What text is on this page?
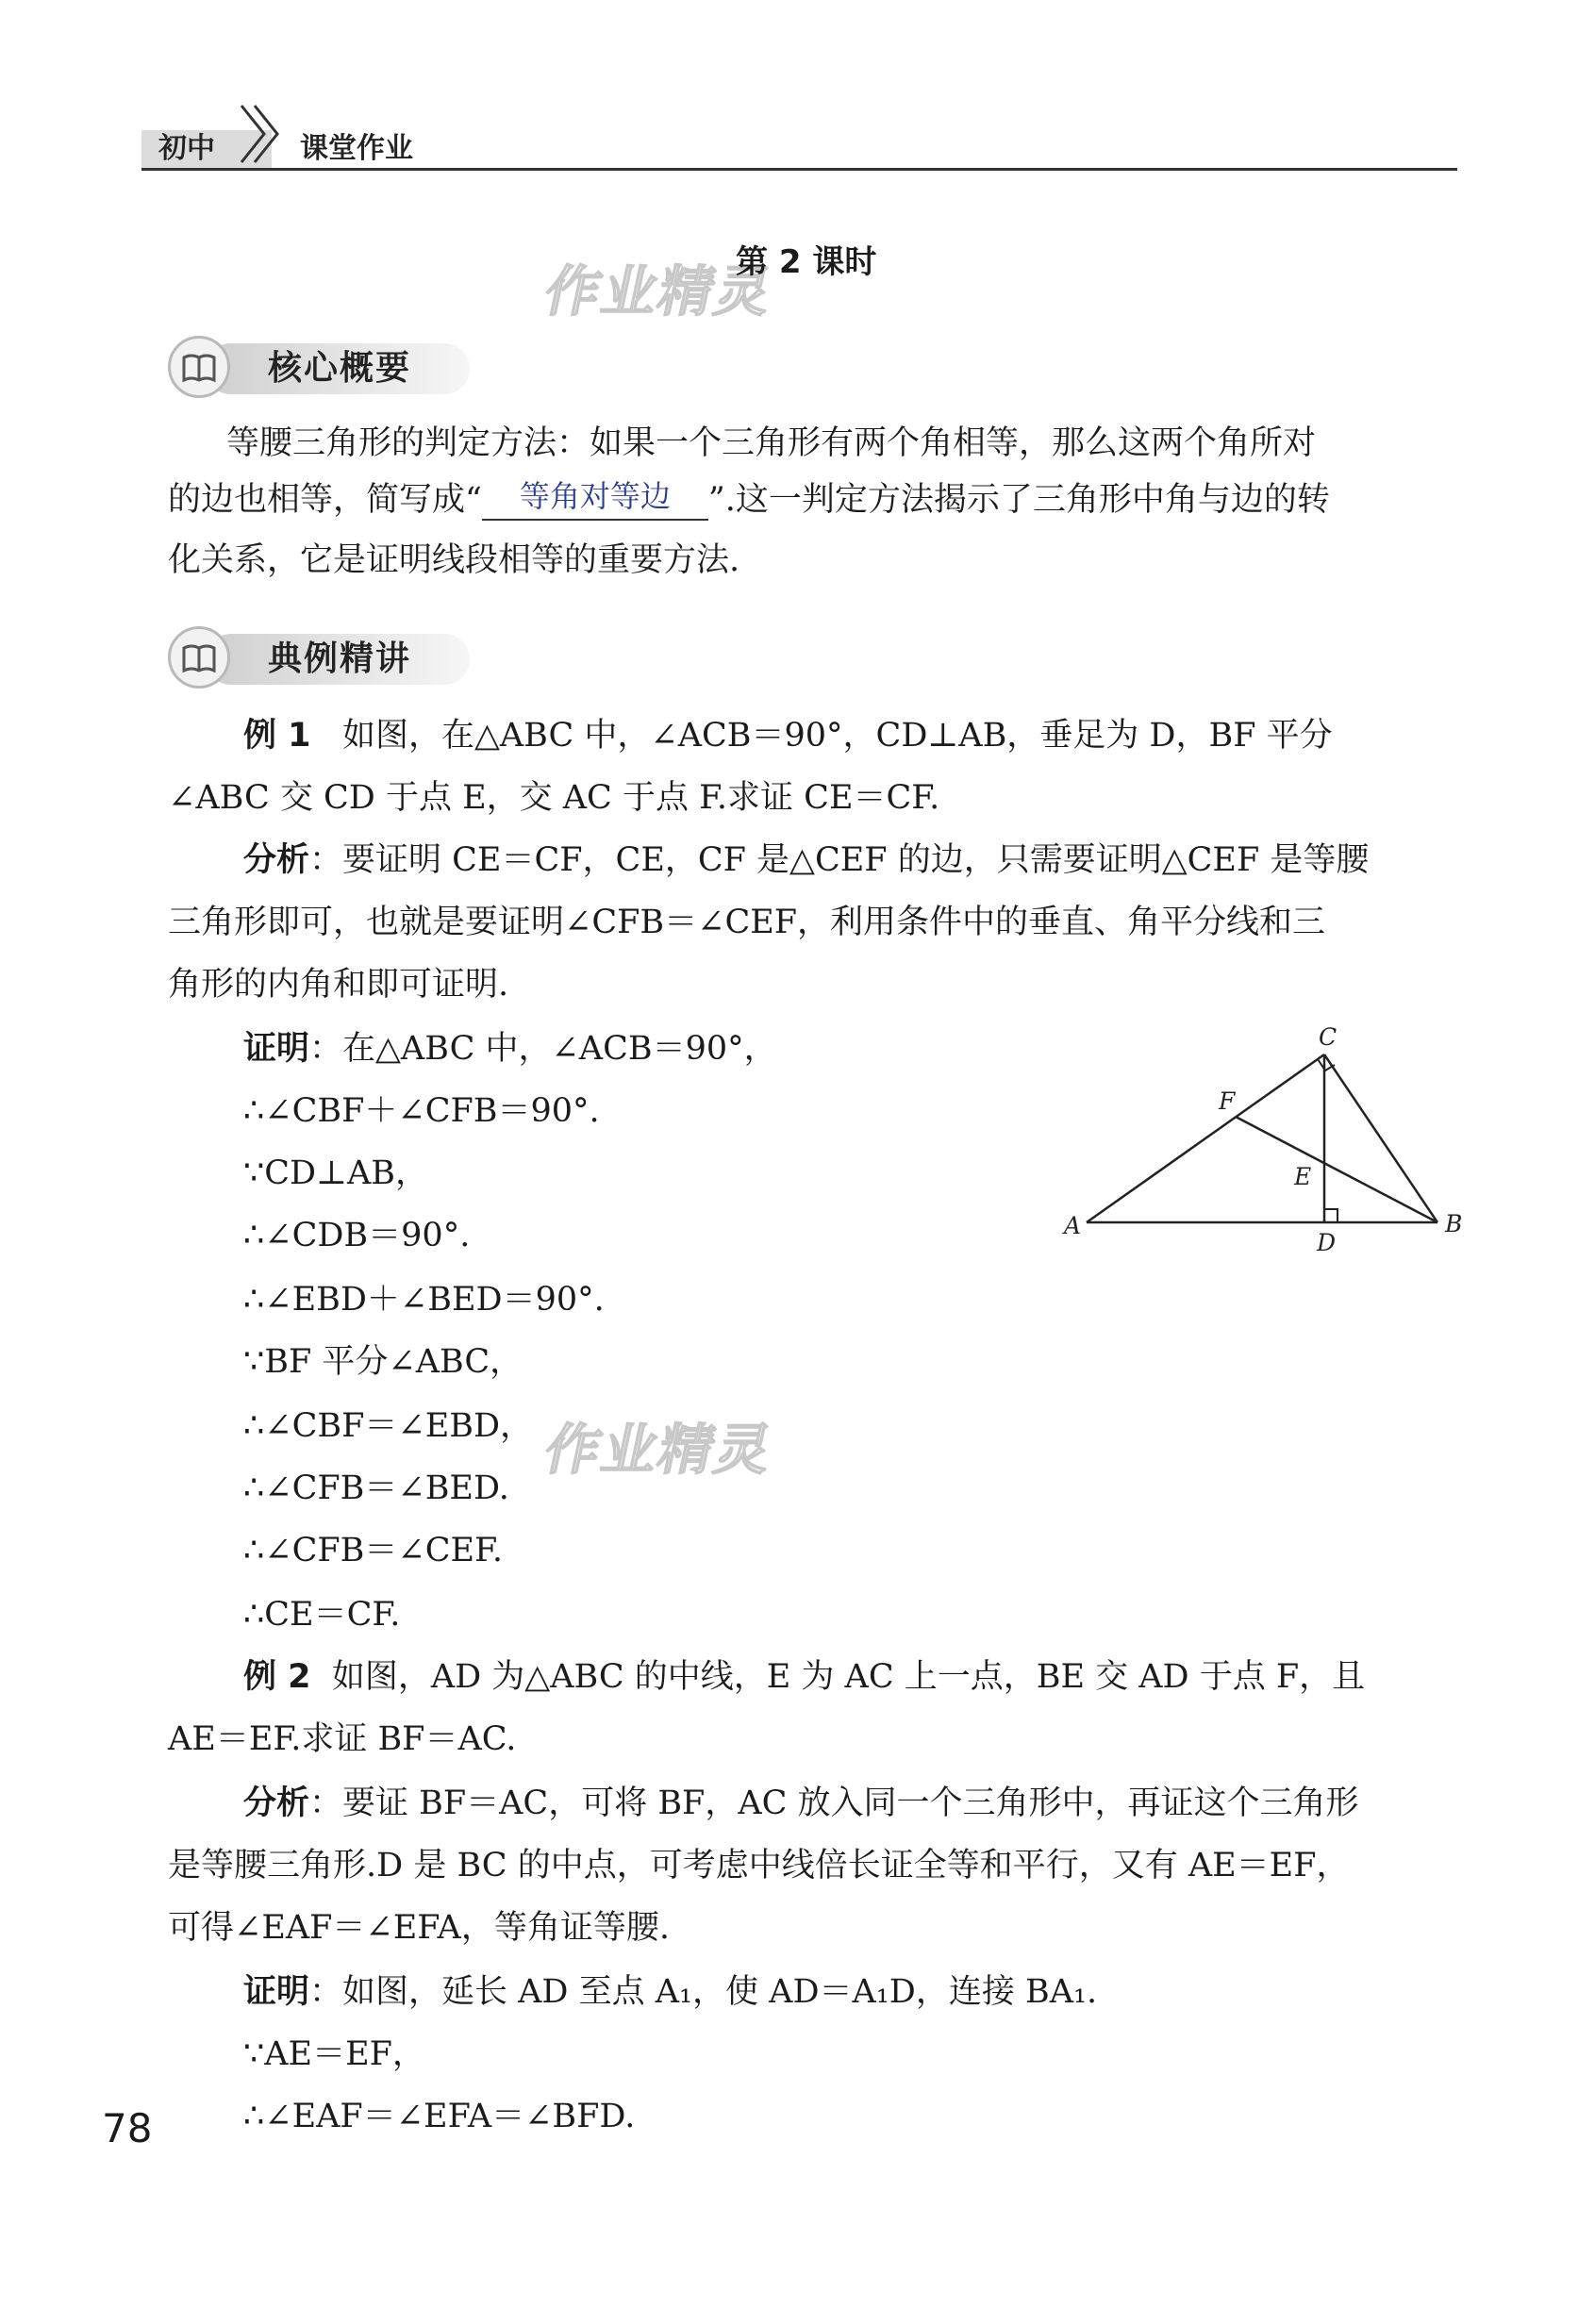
初中	课堂作业
作业精灵
第 2 课时
核心概要
等腰三角形的判定方法：如果一个三角形有两个角相等，那么这两个角所对
的边也相等，简写成“	等角对等边	”.这一判定方法揭示了三角形中角与边的转
化关系，它是证明线段相等的重要方法.
典例精讲
例 1 如图，在△ABC 中，∠ACB＝90°，CD⊥AB，垂足为 D，BF 平分
∠ABC 交 CD 于点 E，交 AC 于点 F.求证 CE＝CF.
分析：要证明 CE＝CF，CE，CF 是△CEF 的边，只需要证明△CEF 是等腰
三角形即可，也就是要证明∠CFB＝∠CEF，利用条件中的垂直、角平分线和三
角形的内角和即可证明.
证明：在△ABC 中，∠ACB＝90°，
∴∠CBF＋∠CFB＝90°.
∵CD⊥AB，
∴∠CDB＝90°.
∴∠EBD＋∠BED＝90°.
∵BF 平分∠ABC，
∴∠CBF＝∠EBD，
∴∠CFB＝∠BED.
∴∠CFB＝∠CEF.
∴CE＝CF.
作业精灵
C
F
E
A
D
B
例 2 如图，AD 为△ABC 的中线，E 为 AC 上一点，BE 交 AD 于点 F，且
AE＝EF.求证 BF＝AC.
分析：要证 BF＝AC，可将 BF，AC 放入同一个三角形中，再证这个三角形
是等腰三角形.D 是 BC 的中点，可考虑中线倍长证全等和平行，又有 AE＝EF，
可得∠EAF＝∠EFA，等角证等腰.
证明：如图，延长 AD 至点 A₁，使 AD＝A₁D，连接 BA₁.
∵AE＝EF，
∴∠EAF＝∠EFA＝∠BFD.
78
